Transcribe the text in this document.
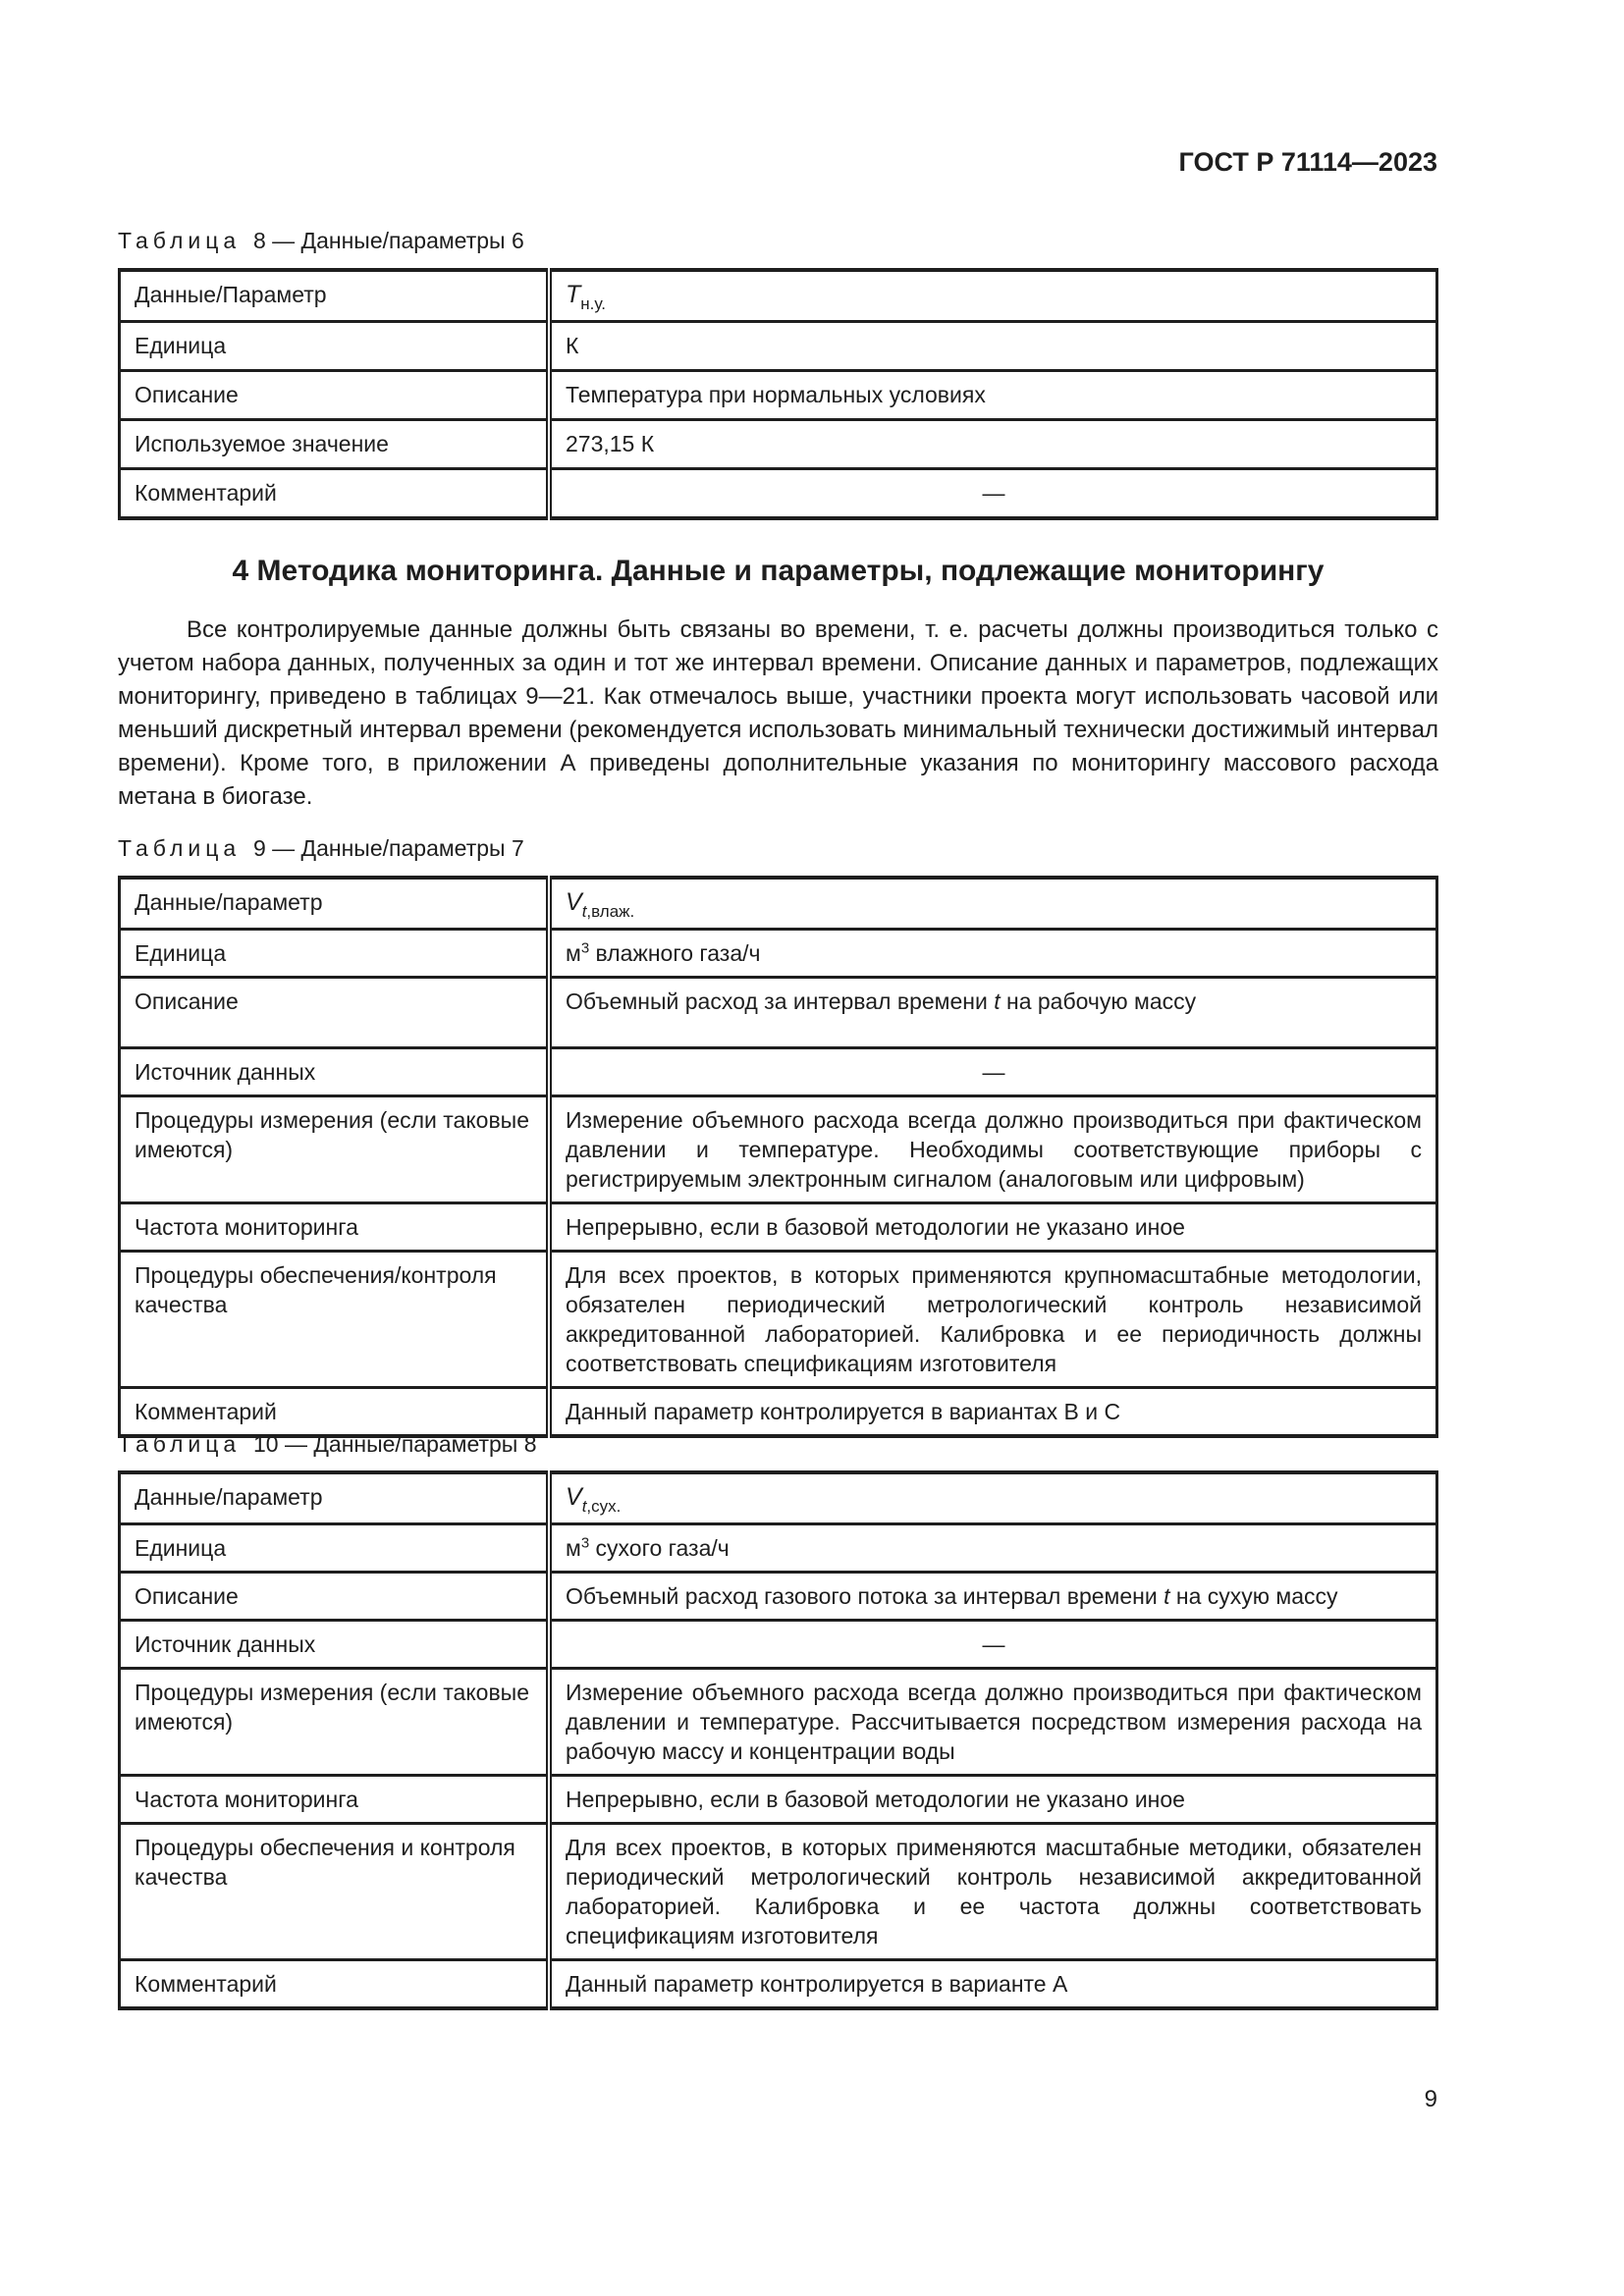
ГОСТ Р 71114—2023
Таблица 8 — Данные/параметры 6
Данные/Параметр	$T_{н.у.}$
Единица	К
Описание	Температура при нормальных условиях
Используемое значение	273,15 К
Комментарий	—
4 Методика мониторинга. Данные и параметры, подлежащие мониторингу
Все контролируемые данные должны быть связаны во времени, т. е. расчеты должны производиться только с учетом набора данных, полученных за один и тот же интервал времени. Описание данных и параметров, подлежащих мониторингу, приведено в таблицах 9—21. Как отмечалось выше, участники проекта могут использовать часовой или меньший дискретный интервал времени (рекомендуется использовать минимальный технически достижимый интервал времени). Кроме того, в приложении А приведены дополнительные указания по мониторингу массового расхода метана в биогазе.
Таблица 9 — Данные/параметры 7
Данные/параметр	$V_{t,влаж.}$
Единица	$м^3$ влажного газа/ч
Описание	Объемный расход за интервал времени t на рабочую массу
Источник данных	—
Процедуры измерения (если таковые имеются)	Измерение объемного расхода всегда должно производиться при фактическом давлении и температуре. Необходимы соответствующие приборы с регистрируемым электронным сигналом (аналоговым или цифровым)
Частота мониторинга	Непрерывно, если в базовой методологии не указано иное
Процедуры обеспечения/контроля качества	Для всех проектов, в которых применяются крупномасштабные методологии, обязателен периодический метрологический контроль независимой аккредитованной лабораторией. Калибровка и ее периодичность должны соответствовать спецификациям изготовителя
Комментарий	Данный параметр контролируется в вариантах В и С
Таблица 10 — Данные/параметры 8
Данные/параметр	$V_{t,сух.}$
Единица	$м^3$ сухого газа/ч
Описание	Объемный расход газового потока за интервал времени t на сухую массу
Источник данных	—
Процедуры измерения (если таковые имеются)	Измерение объемного расхода всегда должно производиться при фактическом давлении и температуре. Рассчитывается посредством измерения расхода на рабочую массу и концентрации воды
Частота мониторинга	Непрерывно, если в базовой методологии не указано иное
Процедуры обеспечения и контроля качества	Для всех проектов, в которых применяются масштабные методики, обязателен периодический метрологический контроль независимой аккредитованной лабораторией. Калибровка и ее частота должны соответствовать спецификациям изготовителя
Комментарий	Данный параметр контролируется в варианте А
9
